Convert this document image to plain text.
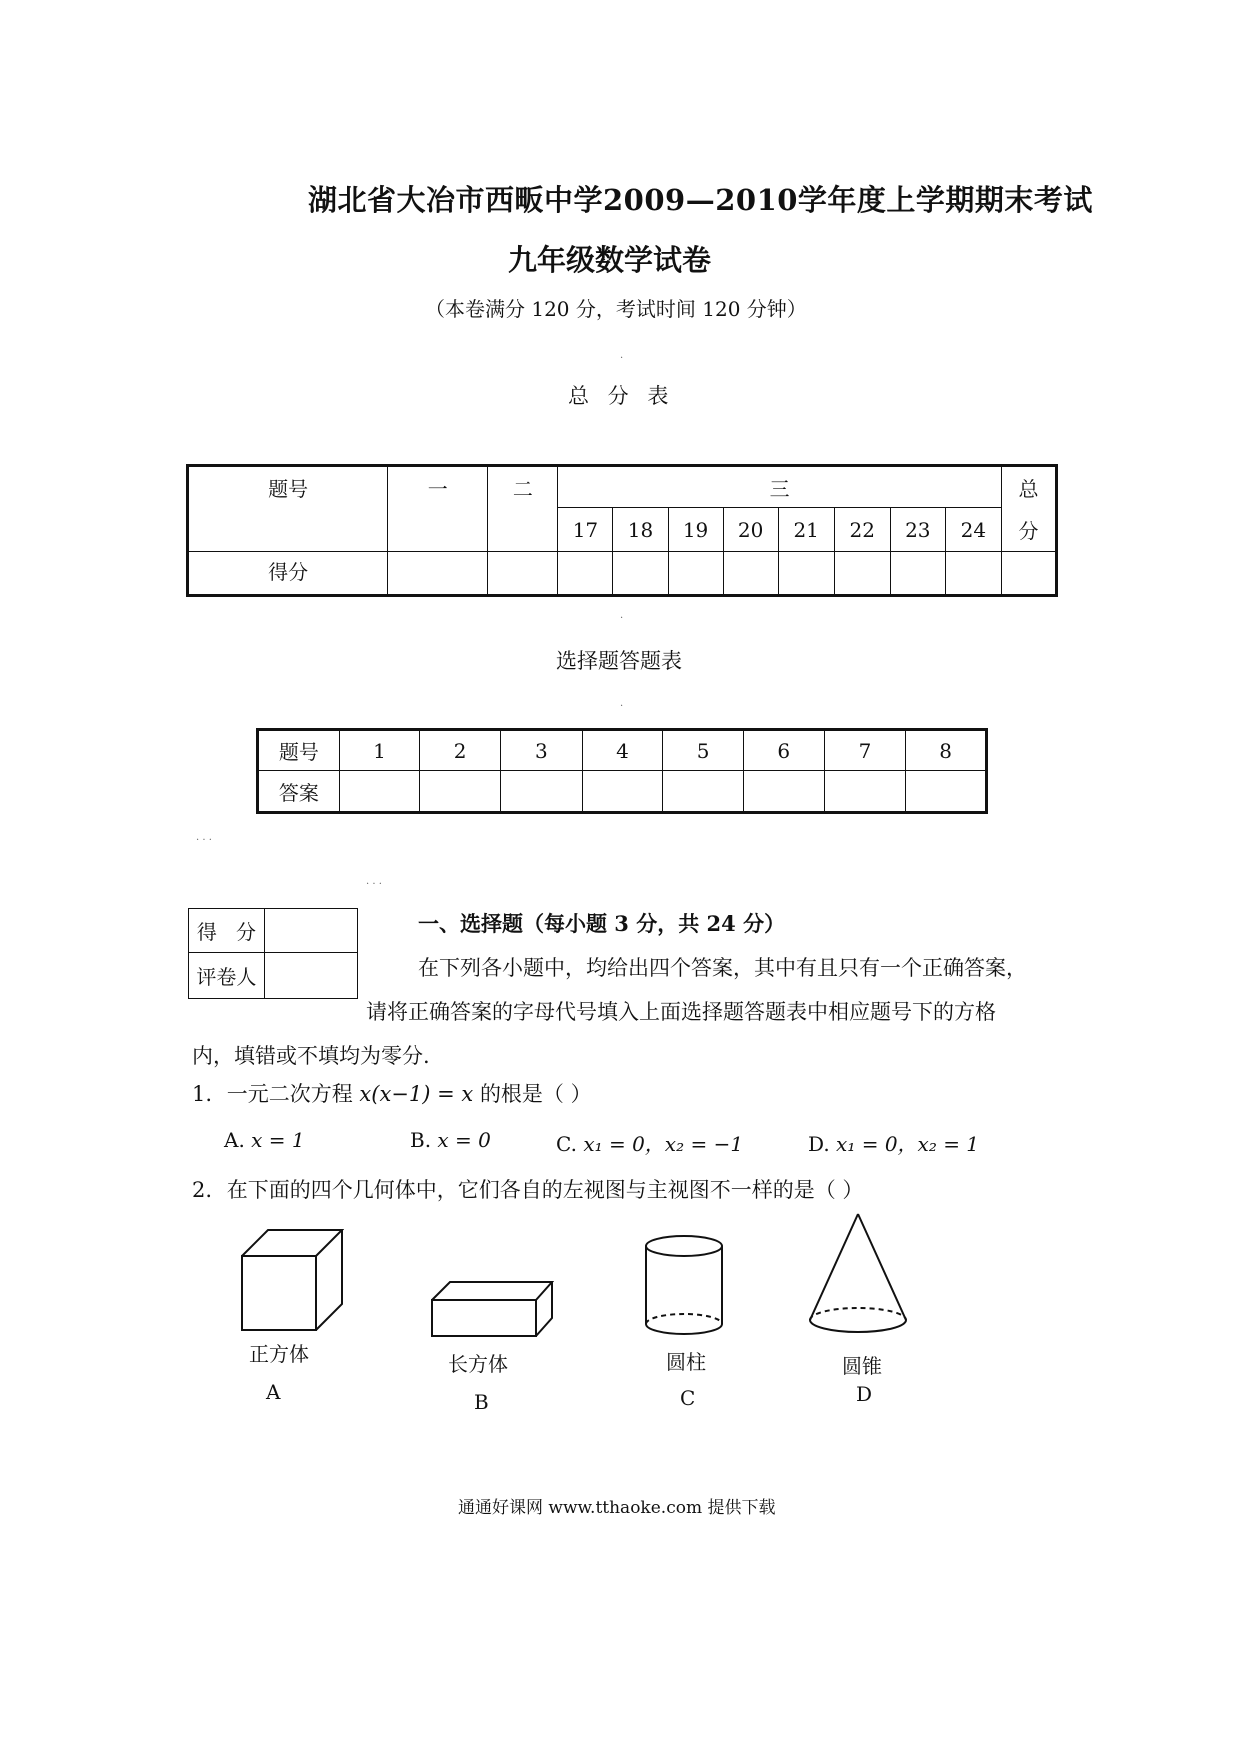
湖北省大冶市西畈中学2009—2010学年度上学期期末考试
九年级数学试卷
（本卷满分 120 分，考试时间 120 分钟）
.
总 分 表
题号	一	二	三								总
			17	18	19	20	21	22	23	24	分
得分											
.
选择题答题表
.
题号	1	2	3	4	5	6	7	8
答案								
. . .
. . .
得   分	
评卷人	
一、选择题（每小题 3 分，共 24 分）
在下列各小题中，均给出四个答案，其中有且只有一个正确答案，
请将正确答案的字母代号填入上面选择题答题表中相应题号下的方格
内，填错或不填均为零分.
1. 一元二次方程 x(x−1) = x 的根是（ ）
A. x = 1	B. x = 0	C. x₁ = 0，x₂ = −1	D. x₁ = 0，x₂ = 1
2. 在下面的四个几何体中，它们各自的左视图与主视图不一样的是（ ）
正方体
A
长方体
B
圆柱
C
圆锥
D
通通好课网 www.tthaoke.com 提供下载
